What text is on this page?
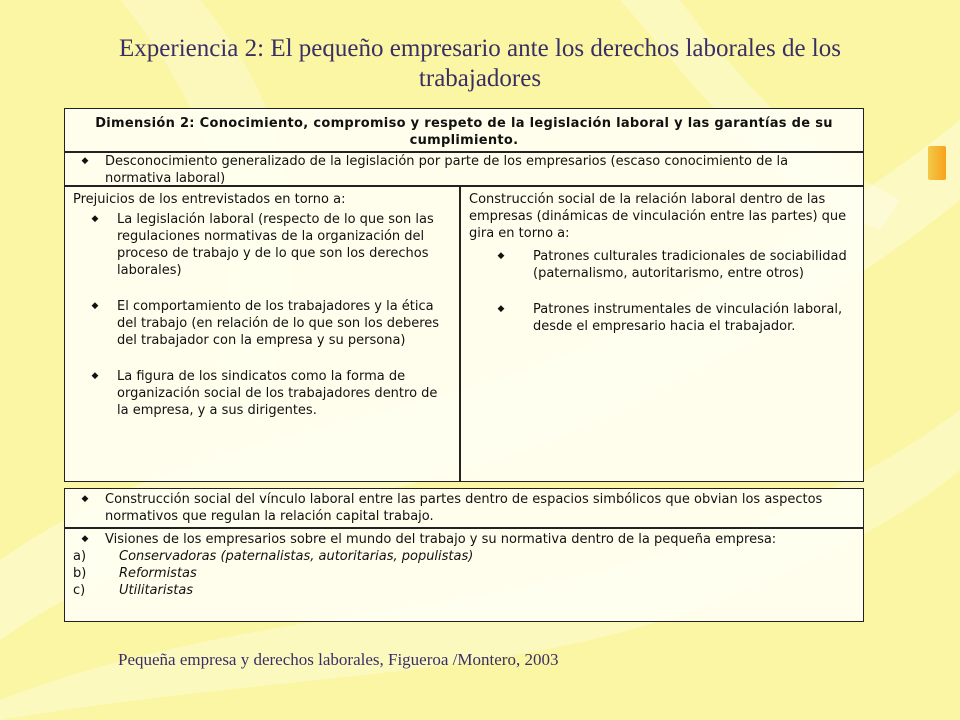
Experiencia 2: El pequeño empresario ante los derechos laborales de los trabajadores
Dimensión 2: Conocimiento, compromiso y respeto de la legislación laboral y las garantías de su cumplimiento.
◆	Desconocimiento generalizado de la legislación por parte de los empresarios (escaso conocimiento de la normativa laboral)
Prejuicios de los entrevistados en torno a:
◆	La legislación laboral (respecto de lo que son las regulaciones normativas de la organización del proceso de trabajo y de lo que son los derechos laborales)
◆	El comportamiento de los trabajadores y la ética del trabajo (en relación de lo que son los deberes del trabajador con la empresa y su persona)
◆	La figura de los sindicatos como la forma de organización social de los trabajadores dentro de la empresa, y a sus dirigentes.
Construcción social de la relación laboral dentro de las empresas (dinámicas de vinculación entre las partes) que gira en torno a:
◆	Patrones culturales tradicionales de sociabilidad (paternalismo, autoritarismo, entre otros)
◆	Patrones instrumentales de vinculación laboral, desde el empresario hacia el trabajador.
◆	Construcción social del vínculo laboral entre las partes dentro de espacios simbólicos que obvian los aspectos normativos que regulan la relación capital trabajo.
◆	Visiones de los empresarios sobre el mundo del trabajo y su normativa dentro de la pequeña empresa:
a)	Conservadoras (paternalistas, autoritarias, populistas)
b)	Reformistas
c)	Utilitaristas
Pequeña empresa y derechos laborales, Figueroa /Montero, 2003
